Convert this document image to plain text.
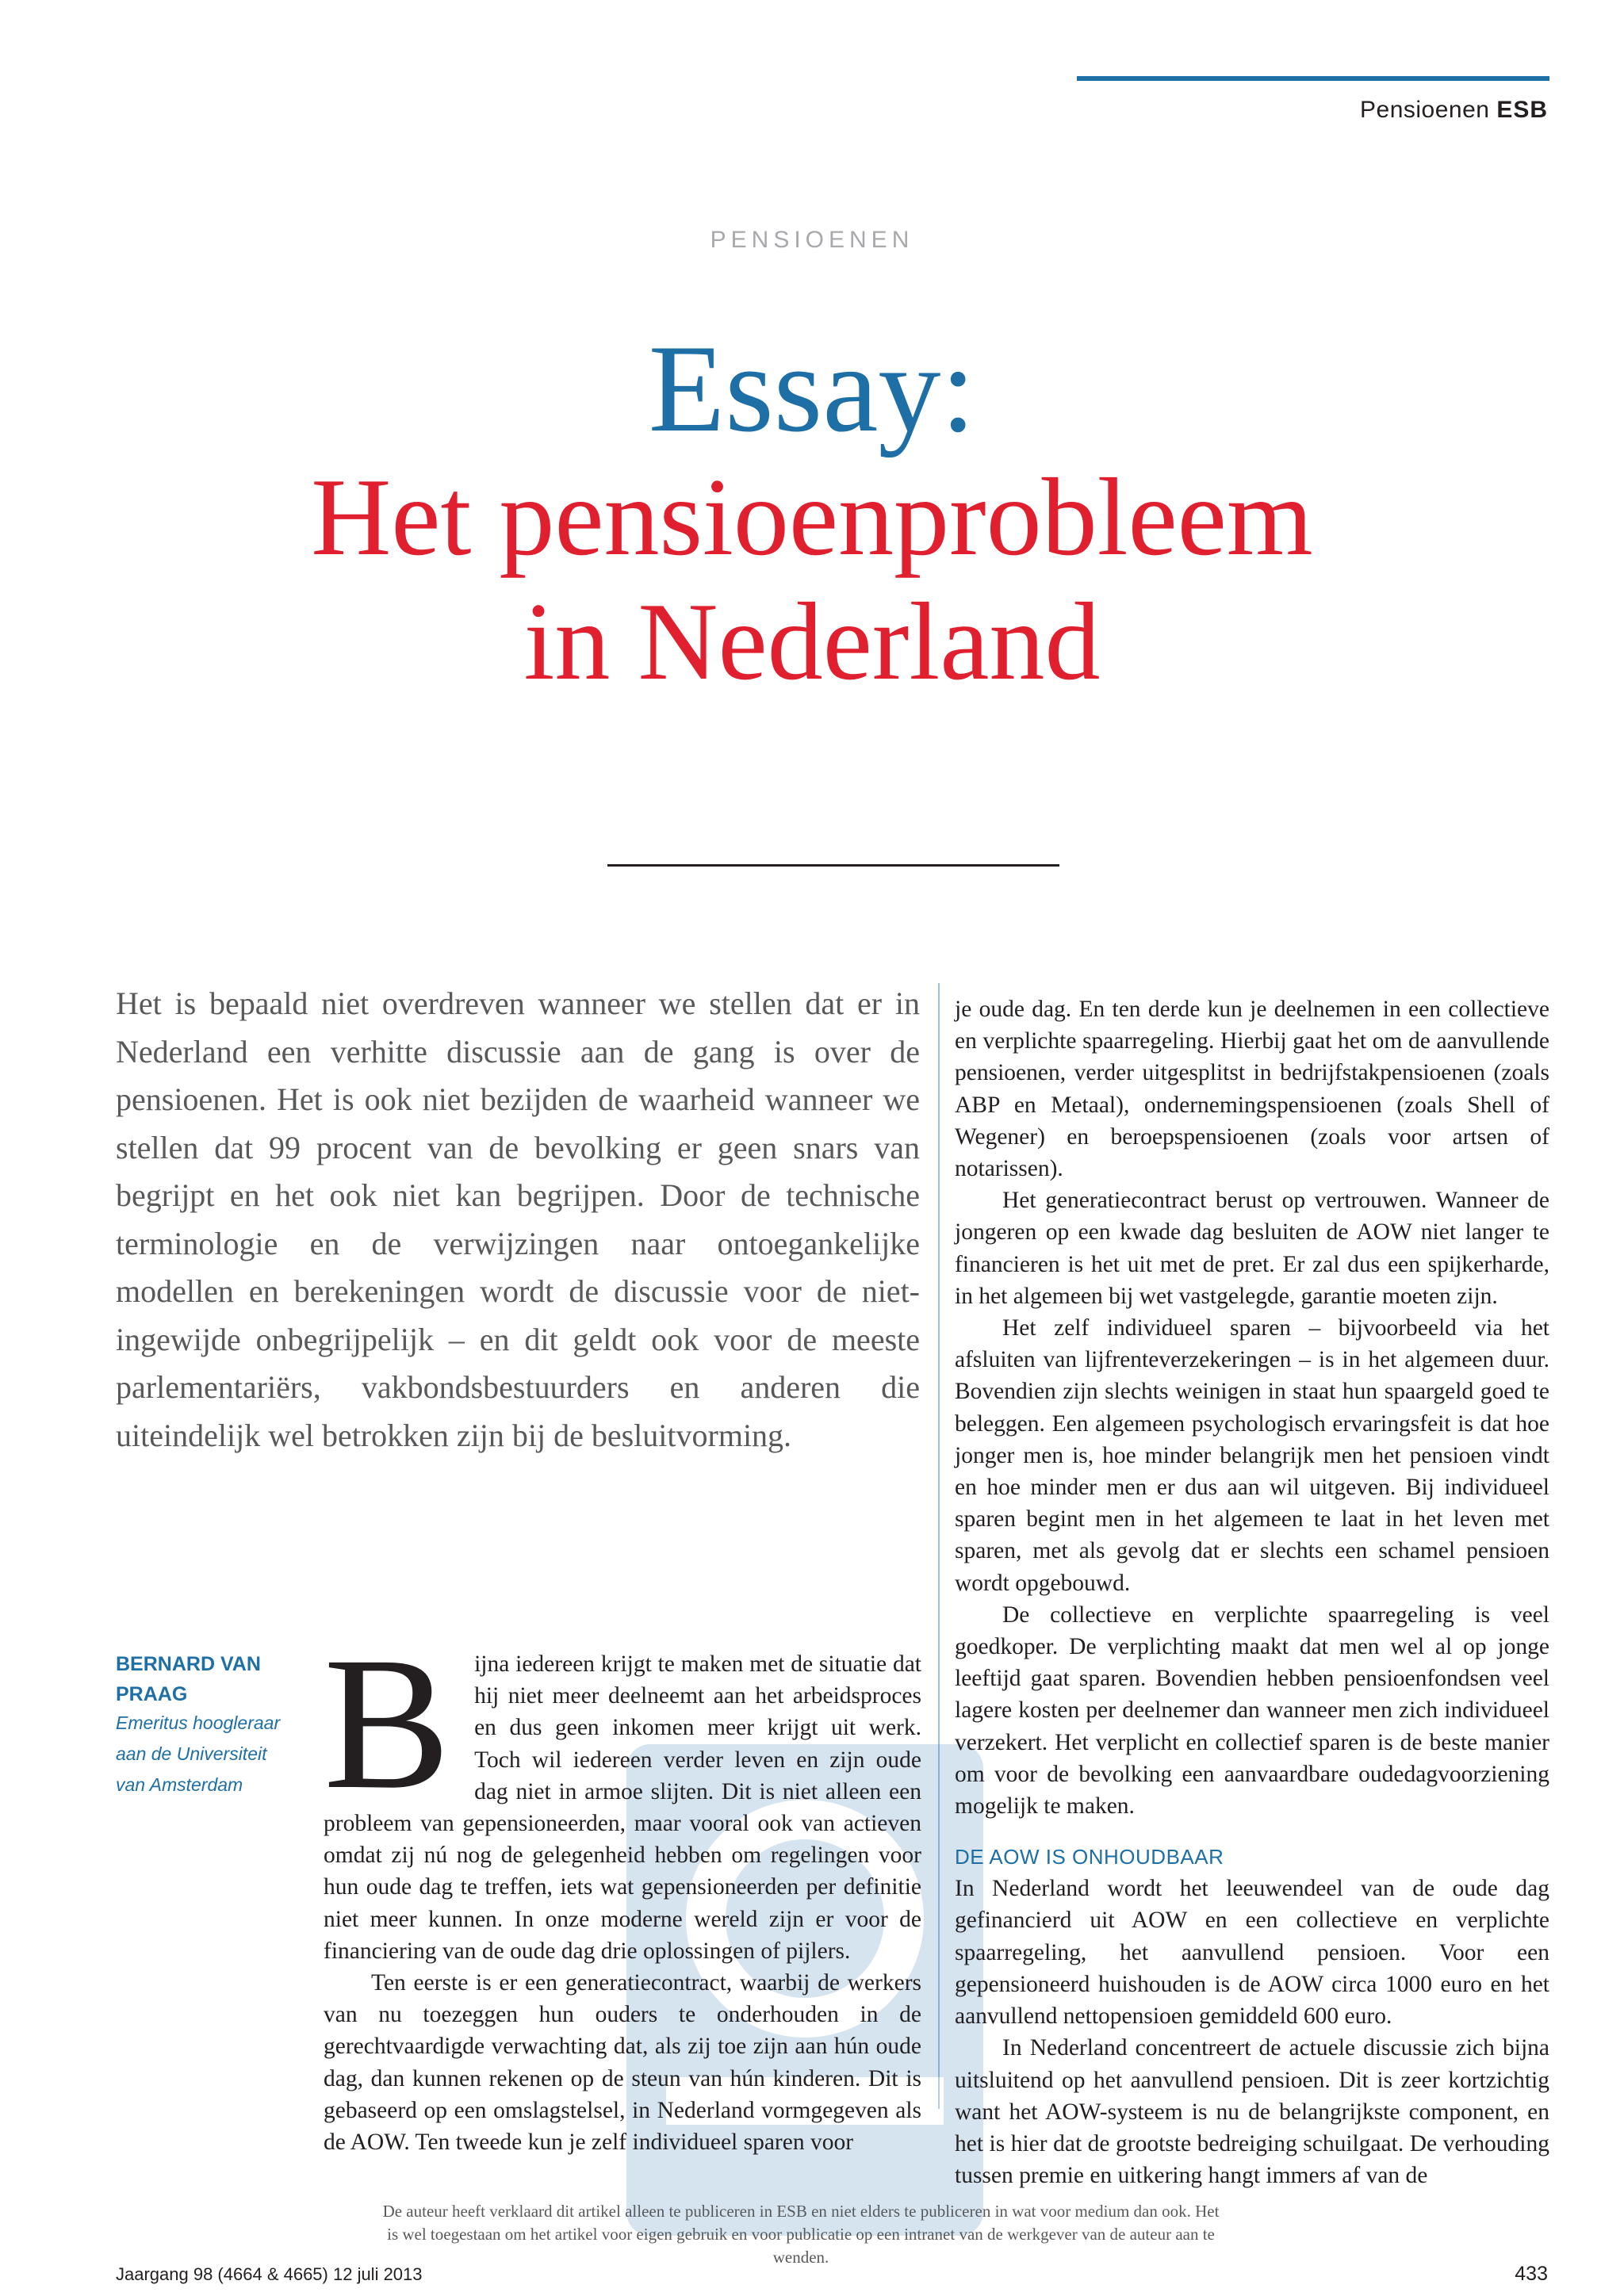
Pensioenen ESB
PENSIOENEN
Essay:
Het pensioenprobleem
in Nederland
Het is bepaald niet overdreven wanneer we stellen dat er in Nederland een verhitte discussie aan de gang is over de pensioenen. Het is ook niet bezijden de waarheid wanneer we stellen dat 99 procent van de bevolking er geen snars van begrijpt en het ook niet kan begrijpen. Door de technische terminologie en de verwijzingen naar ontoegankelijke modellen en berekeningen wordt de discussie voor de niet-ingewijde onbegrijpelijk – en dit geldt ook voor de meeste parlementariërs, vakbondsbestuurders en anderen die uiteindelijk wel betrokken zijn bij de besluitvorming.
BERNARD VAN PRAAG
Emeritus hoogleraar aan de Universiteit van Amsterdam B ijna iedereen krijgt te maken met de situatie dat hij niet meer deelneemt aan het arbeidsproces en dus geen inkomen meer krijgt uit werk. Toch wil iedereen verder leven en zijn oude dag niet in armoe slijten. Dit is niet alleen een probleem van gepensioneerden, maar vooral ook van actieven omdat zij nú nog de gelegenheid hebben om regelingen voor hun oude dag te treffen, iets wat gepensioneerden per definitie niet meer kunnen. In onze moderne wereld zijn er voor de financiering van de oude dag drie oplossingen of pijlers.

Ten eerste is er een generatiecontract, waarbij de werkers van nu toezeggen hun ouders te onderhouden in de gerechtvaardigde verwachting dat, als zij toe zijn aan hún oude dag, dan kunnen rekenen op de steun van hún kinderen. Dit is gebaseerd op een omslagstelsel, in Nederland vormgegeven als de AOW. Ten tweede kun je zelf individueel sparen voor

je oude dag. En ten derde kun je deelnemen in een collectieve en verplichte spaarregeling. Hierbij gaat het om de aanvullende pensioenen, verder uitgesplitst in bedrijfstakpensioenen (zoals ABP en Metaal), ondernemingspensioenen (zoals Shell of Wegener) en beroepspensioenen (zoals voor artsen of notarissen).

Het generatiecontract berust op vertrouwen. Wanneer de jongeren op een kwade dag besluiten de AOW niet langer te financieren is het uit met de pret. Er zal dus een spijkerharde, in het algemeen bij wet vastgelegde, garantie moeten zijn.

Het zelf individueel sparen – bijvoorbeeld via het afsluiten van lijfrenteverzekeringen – is in het algemeen duur. Bovendien zijn slechts weinigen in staat hun spaargeld goed te beleggen. Een algemeen psychologisch ervaringsfeit is dat hoe jonger men is, hoe minder belangrijk men het pensioen vindt en hoe minder men er dus aan wil uitgeven. Bij individueel sparen begint men in het algemeen te laat in het leven met sparen, met als gevolg dat er slechts een schamel pensioen wordt opgebouwd.

De collectieve en verplichte spaarregeling is veel goedkoper. De verplichting maakt dat men wel al op jonge leeftijd gaat sparen. Bovendien hebben pensioenfondsen veel lagere kosten per deelnemer dan wanneer men zich individueel verzekert. Het verplicht en collectief sparen is de beste manier om voor de bevolking een aanvaardbare oudedagvoorziening mogelijk te maken.

DE AOW IS ONHOUDBAAR

In Nederland wordt het leeuwendeel van de oude dag gefinancierd uit AOW en een collectieve en verplichte spaarregeling, het aanvullend pensioen. Voor een gepensioneerd huishouden is de AOW circa 1000 euro en het aanvullend nettopensioen gemiddeld 600 euro.

In Nederland concentreert de actuele discussie zich bijna uitsluitend op het aanvullend pensioen. Dit is zeer kortzichtig want het AOW-systeem is nu de belangrijkste component, en het is hier dat de grootste bedreiging schuilgaat. De verhouding tussen premie en uitkering hangt immers af van de

De auteur heeft verklaard dit artikel alleen te publiceren in ESB en niet elders te publiceren in wat voor medium dan ook. Het is wel toegestaan om het artikel voor eigen gebruik en voor publicatie op een intranet van de werkgever van de auteur aan te wenden.
Jaargang 98 (4664 & 4665) 12 juli 2013	433
